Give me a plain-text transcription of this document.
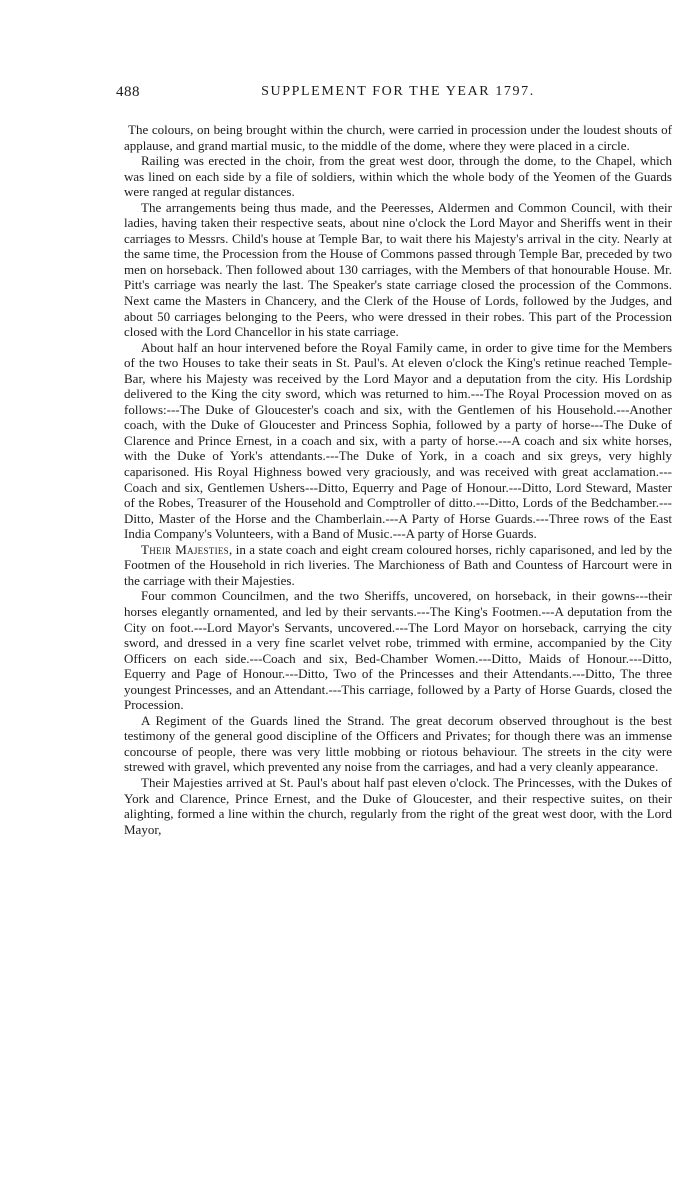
488	SUPPLEMENT FOR THE YEAR 1797.

The colours, on being brought within the church, were carried in procession under the loudest shouts of applause, and grand martial music, to the middle of the dome, where they were placed in a circle.

Railing was erected in the choir, from the great west door, through the dome, to the Chapel, which was lined on each side by a file of soldiers, within which the whole body of the Yeomen of the Guards were ranged at regular distances.

The arrangements being thus made, and the Peeresses, Aldermen and Common Council, with their ladies, having taken their respective seats, about nine o'clock the Lord Mayor and Sheriffs went in their carriages to Messrs. Child's house at Temple Bar, to wait there his Majesty's arrival in the city. Nearly at the same time, the Procession from the House of Commons passed through Temple Bar, preceded by two men on horseback. Then followed about 130 carriages, with the Members of that honourable House. Mr. Pitt's carriage was nearly the last. The Speaker's state carriage closed the procession of the Commons. Next came the Masters in Chancery, and the Clerk of the House of Lords, followed by the Judges, and about 50 carriages belonging to the Peers, who were dressed in their robes. This part of the Procession closed with the Lord Chancellor in his state carriage.

About half an hour intervened before the Royal Family came, in order to give time for the Members of the two Houses to take their seats in St. Paul's. At eleven o'clock the King's retinue reached Temple-Bar, where his Majesty was received by the Lord Mayor and a deputation from the city. His Lordship delivered to the King the city sword, which was returned to him.---The Royal Procession moved on as follows:---The Duke of Gloucester's coach and six, with the Gentlemen of his Household.---Another coach, with the Duke of Gloucester and Princess Sophia, followed by a party of horse---The Duke of Clarence and Prince Ernest, in a coach and six, with a party of horse.---A coach and six white horses, with the Duke of York's attendants.---The Duke of York, in a coach and six greys, very highly caparisoned. His Royal Highness bowed very graciously, and was received with great acclamation.---Coach and six, Gentlemen Ushers---Ditto, Equerry and Page of Honour.---Ditto, Lord Steward, Master of the Robes, Treasurer of the Household and Comptroller of ditto.---Ditto, Lords of the Bedchamber.---Ditto, Master of the Horse and the Chamberlain.---A Party of Horse Guards.---Three rows of the East India Company's Volunteers, with a Band of Music.---A party of Horse Guards.

Their Majesties, in a state coach and eight cream coloured horses, richly caparisoned, and led by the Footmen of the Household in rich liveries. The Marchioness of Bath and Countess of Harcourt were in the carriage with their Majesties.

Four common Councilmen, and the two Sheriffs, uncovered, on horseback, in their gowns---their horses elegantly ornamented, and led by their servants.---The King's Footmen.---A deputation from the City on foot.---Lord Mayor's Servants, uncovered.---The Lord Mayor on horseback, carrying the city sword, and dressed in a very fine scarlet velvet robe, trimmed with ermine, accompanied by the City Officers on each side.---Coach and six, Bed-Chamber Women.---Ditto, Maids of Honour.---Ditto, Equerry and Page of Honour.---Ditto, Two of the Princesses and their Attendants.---Ditto, The three youngest Princesses, and an Attendant.---This carriage, followed by a Party of Horse Guards, closed the Procession.

A Regiment of the Guards lined the Strand. The great decorum observed throughout is the best testimony of the general good discipline of the Officers and Privates; for though there was an immense concourse of people, there was very little mobbing or riotous behaviour. The streets in the city were strewed with gravel, which prevented any noise from the carriages, and had a very cleanly appearance.

Their Majesties arrived at St. Paul's about half past eleven o'clock. The Princesses, with the Dukes of York and Clarence, Prince Ernest, and the Duke of Gloucester, and their respective suites, on their alighting, formed a line within the church, regularly from the right of the great west door, with the Lord Mayor,
